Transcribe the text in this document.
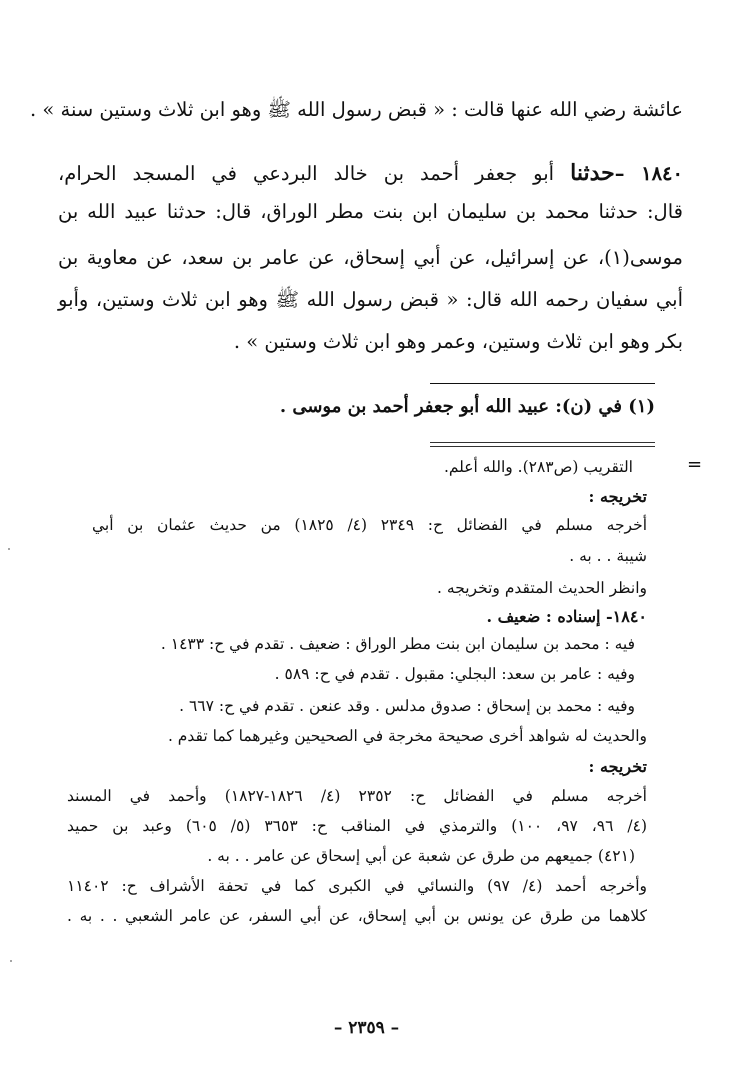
عائشة رضي الله عنها قالت : « قبض رسول الله ﷺ وهو ابن ثلاث وستين سنة » .
١٨٤٠ –حدثنا أبو جعفر أحمد بن خالد البردعي في المسجد الحرام،
قال: حدثنا محمد بن سليمان ابن بنت مطر الوراق، قال: حدثنا عبيد الله بن
موسى(١)، عن إسرائيل، عن أبي إسحاق، عن عامر بن سعد، عن معاوية بن
أبي سفيان رحمه الله قال: « قبض رسول الله ﷺ وهو ابن ثلاث وستين، وأبو
بكر وهو ابن ثلاث وستين، وعمر وهو ابن ثلاث وستين » .
(١) في (ن): عبيد الله أبو جعفر أحمد بن موسى .
=
التقريب (ص٢٨٣). والله أعلم.
تخريجه :
أخرجه مسلم في الفضائل ح: ٢٣٤٩ (٤/ ١٨٢٥) من حديث عثمان بن أبي
شيبة . . به .
وانظر الحديث المتقدم وتخريجه .
١٨٤٠- إسناده : ضعيف .
فيه : محمد بن سليمان ابن بنت مطر الوراق : ضعيف . تقدم في ح: ١٤٣٣ .
وفيه : عامر بن سعد: البجلي: مقبول . تقدم في ح: ٥٨٩ .
وفيه : محمد بن إسحاق : صدوق مدلس . وقد عنعن . تقدم في ح: ٦٦٧ .
والحديث له شواهد أخرى صحيحة مخرجة في الصحيحين وغيرهما كما تقدم .
تخريجه :
أخرجه مسلم في الفضائل ح: ٢٣٥٢ (٤/ ١٨٢٦-١٨٢٧) وأحمد في المسند
(٤/ ٩٦، ٩٧، ١٠٠) والترمذي في المناقب ح: ٣٦٥٣ (٥/ ٦٠٥) وعبد بن حميد
(٤٢١) جميعهم من طرق عن شعبة عن أبي إسحاق عن عامر . . به .
وأخرجه أحمد (٤/ ٩٧) والنسائي في الكبرى كما في تحفة الأشراف ح: ١١٤٠٢
كلاهما من طرق عن يونس بن أبي إسحاق، عن أبي السفر، عن عامر الشعبي . . به .
– ٢٣٥٩ –
